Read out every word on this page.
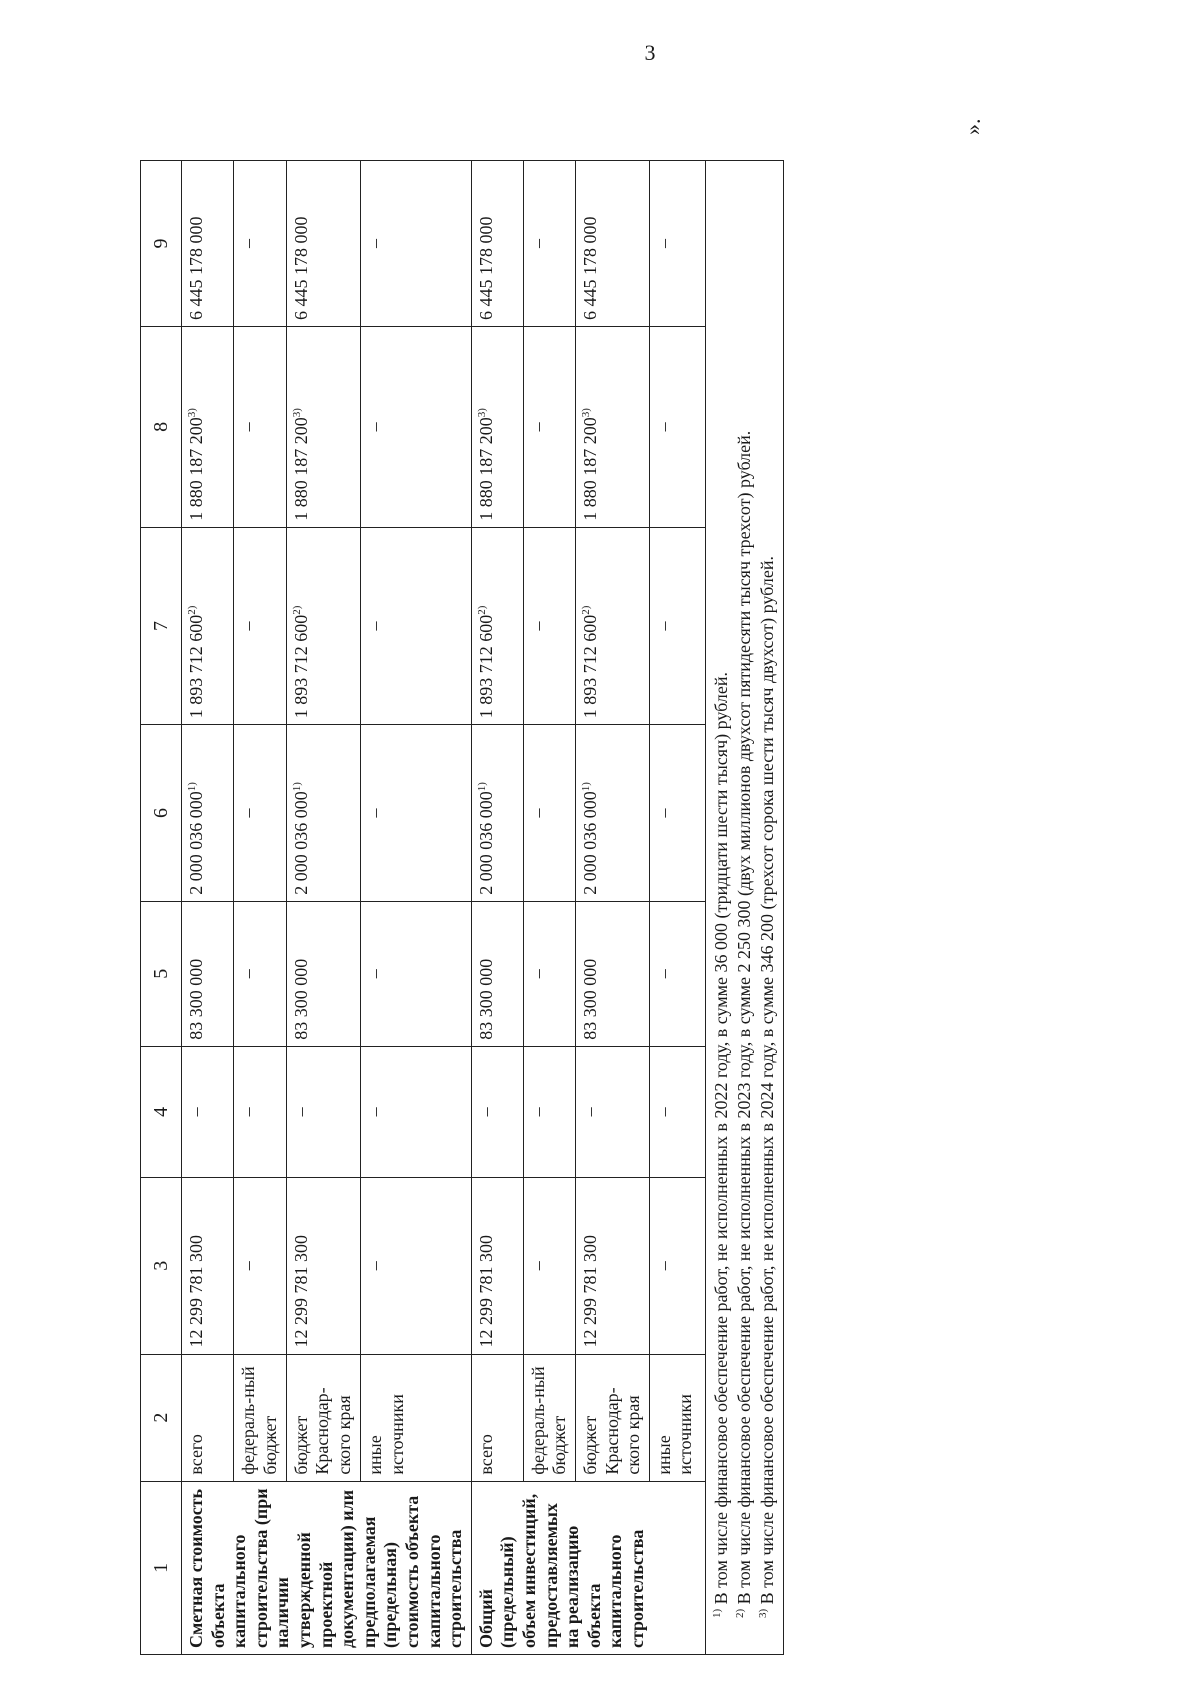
3
1	2	3	4	5	6	7	8	9
Сметная стоимость объекта капитального строительства (при наличии утвержденной проектной документации) или предполагаемая (предельная) стоимость объекта капитального строительства	всего	12 299 781 300	–	83 300 000	2 000 036 000$^{1)}$	1 893 712 600$^{2)}$	1 880 187 200$^{3)}$	6 445 178 000
	федераль-ный бюджет	–	–	–	–	–	–	–
	бюджет Краснодар-ского края	12 299 781 300	–	83 300 000	2 000 036 000$^{1)}$	1 893 712 600$^{2)}$	1 880 187 200$^{3)}$	6 445 178 000
	иные источники	–	–	–	–	–	–	–
Общий (предельный) объем инвестиций, предоставляемых на реализацию объекта капитального строительства	всего	12 299 781 300	–	83 300 000	2 000 036 000$^{1)}$	1 893 712 600$^{2)}$	1 880 187 200$^{3)}$	6 445 178 000
	федераль-ный бюджет	–	–	–	–	–	–	–
	бюджет Краснодар-ского края	12 299 781 300	–	83 300 000	2 000 036 000$^{1)}$	1 893 712 600$^{2)}$	1 880 187 200$^{3)}$	6 445 178 000
	иные источники	–	–	–	–	–	–	–

$^{1)}$ В том числе финансовое обеспечение работ, не исполненных в 2022 году, в сумме 36 000 (тридцати шести тысяч) рублей.

$^{2)}$ В том числе финансовое обеспечение работ, не исполненных в 2023 году, в сумме 2 250 300 (двух миллионов двухсот пятидесяти тысяч трехсот) рублей.

$^{3)}$ В том числе финансовое обеспечение работ, не исполненных в 2024 году, в сумме 346 200 (трехсот сорока шести тысяч двухсот) рублей.								

».
